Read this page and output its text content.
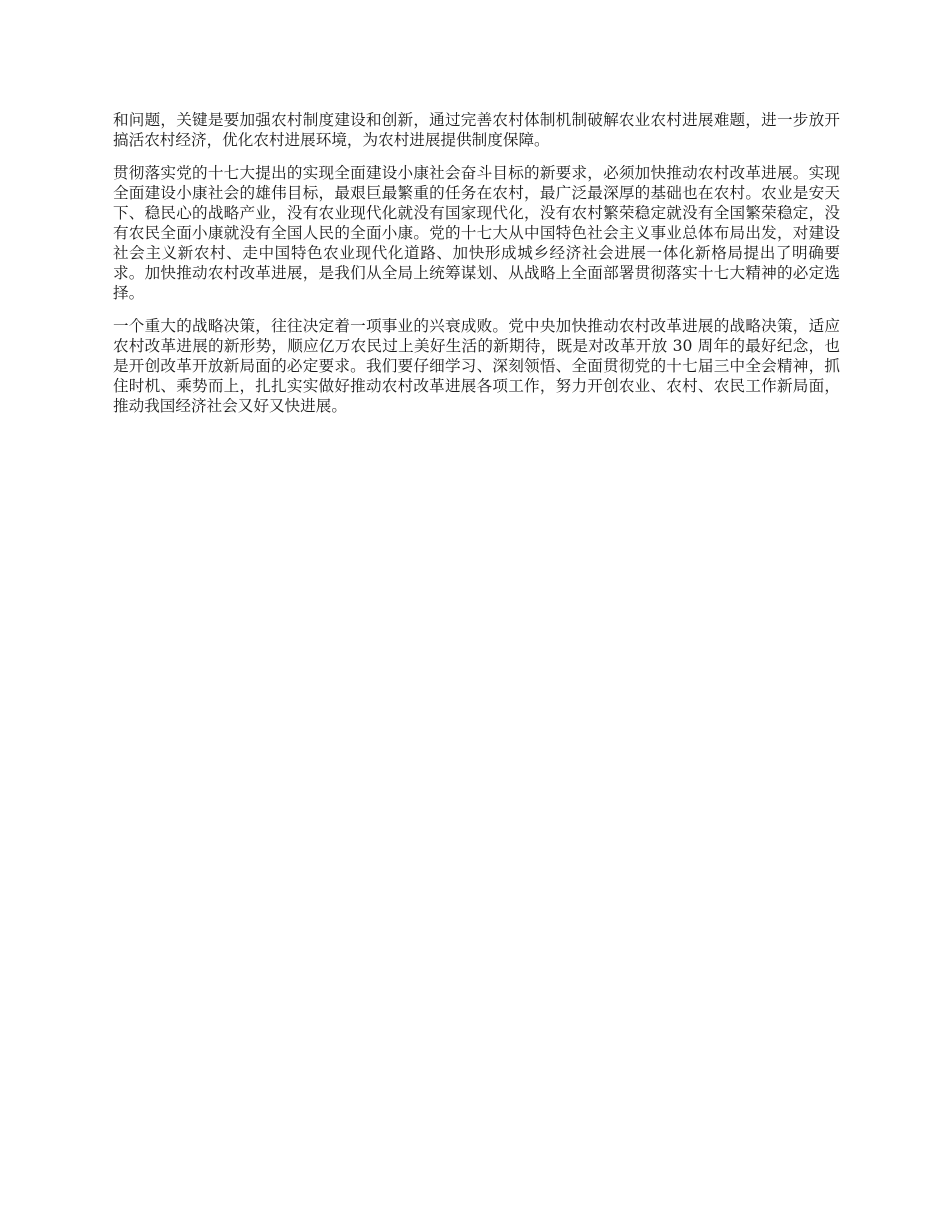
和问题，关键是要加强农村制度建设和创新，通过完善农村体制机制破解农业农村进展难题，进一步放开搞活农村经济，优化农村进展环境，为农村进展提供制度保障。

贯彻落实党的十七大提出的实现全面建设小康社会奋斗目标的新要求，必须加快推动农村改革进展。实现全面建设小康社会的雄伟目标，最艰巨最繁重的任务在农村，最广泛最深厚的基础也在农村。农业是安天下、稳民心的战略产业，没有农业现代化就没有国家现代化，没有农村繁荣稳定就没有全国繁荣稳定，没有农民全面小康就没有全国人民的全面小康。党的十七大从中国特色社会主义事业总体布局出发，对建设社会主义新农村、走中国特色农业现代化道路、加快形成城乡经济社会进展一体化新格局提出了明确要求。加快推动农村改革进展，是我们从全局上统筹谋划、从战略上全面部署贯彻落实十七大精神的必定选择。

一个重大的战略决策，往往决定着一项事业的兴衰成败。党中央加快推动农村改革进展的战略决策，适应农村改革进展的新形势，顺应亿万农民过上美好生活的新期待，既是对改革开放 30 周年的最好纪念，也是开创改革开放新局面的必定要求。我们要仔细学习、深刻领悟、全面贯彻党的十七届三中全会精神，抓住时机、乘势而上，扎扎实实做好推动农村改革进展各项工作，努力开创农业、农村、农民工作新局面，推动我国经济社会又好又快进展。
